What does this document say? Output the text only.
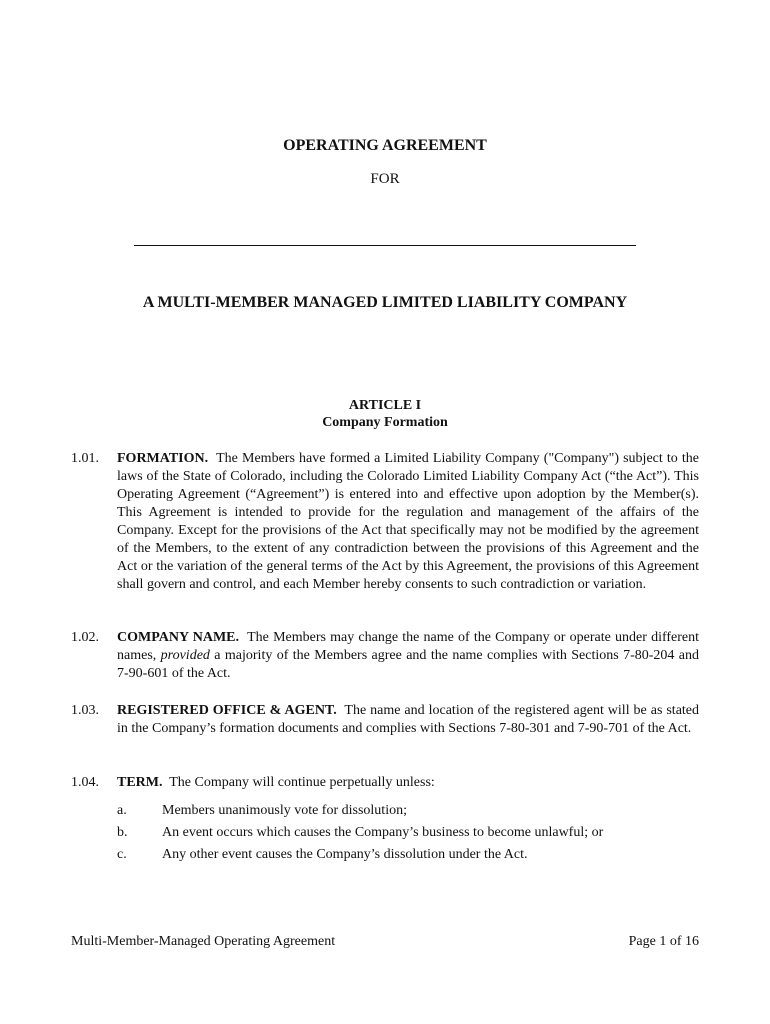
OPERATING AGREEMENT
FOR
A MULTI-MEMBER MANAGED LIMITED LIABILITY COMPANY
ARTICLE I
Company Formation
1.01. FORMATION. The Members have formed a Limited Liability Company ("Company") subject to the laws of the State of Colorado, including the Colorado Limited Liability Company Act (“the Act”). This Operating Agreement (“Agreement”) is entered into and effective upon adoption by the Member(s). This Agreement is intended to provide for the regulation and management of the affairs of the Company. Except for the provisions of the Act that specifically may not be modified by the agreement of the Members, to the extent of any contradiction between the provisions of this Agreement and the Act or the variation of the general terms of the Act by this Agreement, the provisions of this Agreement shall govern and control, and each Member hereby consents to such contradiction or variation.
1.02. COMPANY NAME. The Members may change the name of the Company or operate under different names, provided a majority of the Members agree and the name complies with Sections 7-80-204 and 7-90-601 of the Act.
1.03. REGISTERED OFFICE & AGENT. The name and location of the registered agent will be as stated in the Company’s formation documents and complies with Sections 7-80-301 and 7-90-701 of the Act.
1.04. TERM. The Company will continue perpetually unless:
a.	Members unanimously vote for dissolution;
b. An event occurs which causes the Company’s business to become unlawful; or
c.	Any other event causes the Company’s dissolution under the Act.
Multi-Member-Managed Operating Agreement	Page 1 of 16
